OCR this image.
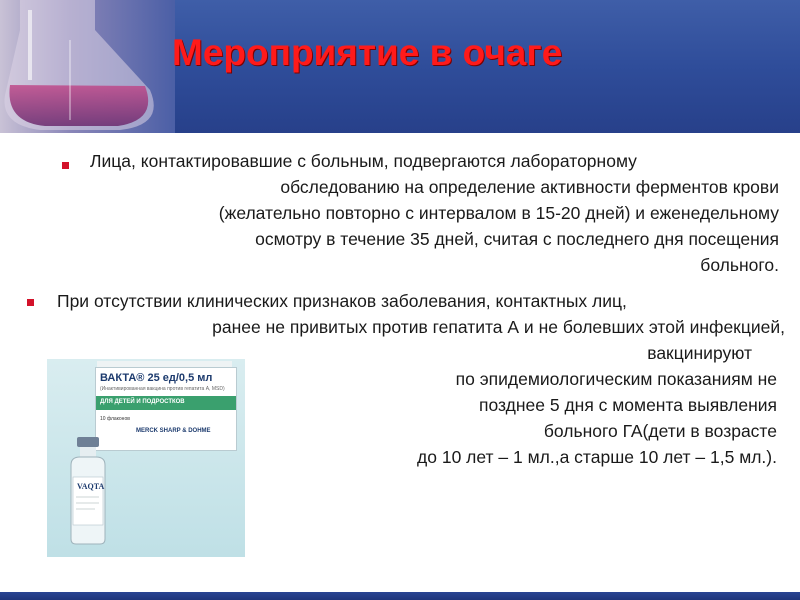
Мероприятие в очаге
Лица, контактировавшие с больным, подвергаются лабораторному
обследованию на определение активности ферментов крови
(желательно повторно с интервалом в 15-20 дней) и еженедельному
осмотру в течение 35 дней, считая с последнего дня посещения
больного.
При отсутствии клинических признаков заболевания, контактных лиц,
ранее не привитых против гепатита А и не болевших этой инфекцией,
вакцинируют
по эпидемиологическим показаниям не
позднее 5 дня с момента выявления
больного ГА(дети в возрасте
до 10 лет – 1 мл.,а старше 10 лет – 1,5 мл.).
ВАКТА® 25 ед/0,5 мл
(Инактивированная вакцина против гепатита А, MSD)
ДЛЯ ДЕТЕЙ И ПОДРОСТКОВ
10 флаконов
MERCK SHARP & DOHME
VAQTA
